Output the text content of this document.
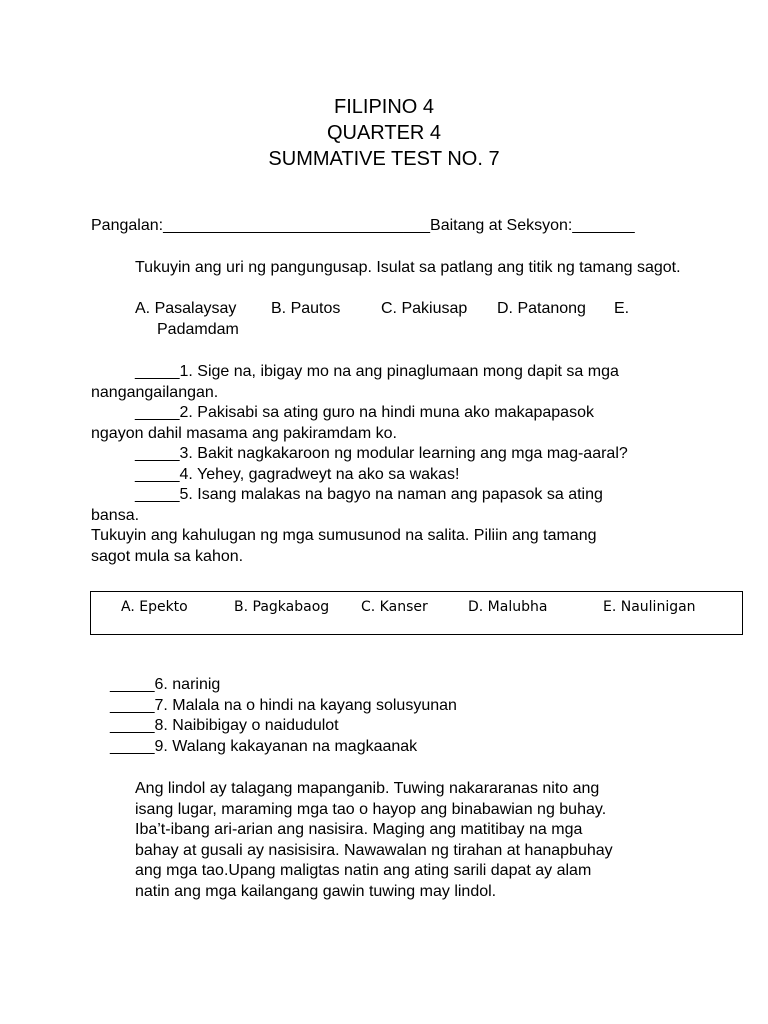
FILIPINO 4
QUARTER 4
SUMMATIVE TEST NO. 7
Pangalan:______________________________Baitang at Seksyon:_______
Tukuyin ang uri ng pangungusap. Isulat sa patlang ang titik ng tamang sagot.
A. Pasalaysay B. Pautos	C. Pakiusap D. Patanong E.
Padamdam
_____1. Sige na, ibigay mo na ang pinaglumaan mong dapit sa mga
nangangailangan.
_____2. Pakisabi sa ating guro na hindi muna ako makapapasok
ngayon dahil masama ang pakiramdam ko.
_____3. Bakit nagkakaroon ng modular learning ang mga mag-aaral?
_____4. Yehey, gagradweyt na ako sa wakas!
_____5. Isang malakas na bagyo na naman ang papasok sa ating
bansa.
Tukuyin ang kahulugan ng mga sumusunod na salita. Piliin ang tamang
sagot mula sa kahon.
A. Epekto	B. Pagkabaog C. Kanser	D. Malubha	E. Naulinigan
_____6. narinig
_____7. Malala na o hindi na kayang solusyunan
_____8. Naibibigay o naidudulot
_____9. Walang kakayanan na magkaanak
Ang lindol ay talagang mapanganib. Tuwing nakararanas nito ang
isang lugar, maraming mga tao o hayop ang binabawian ng buhay.
Iba’t-ibang ari-arian ang nasisira. Maging ang matitibay na mga
bahay at gusali ay nasisisira. Nawawalan ng tirahan at hanapbuhay
ang mga tao.Upang maligtas natin ang ating sarili dapat ay alam
natin ang mga kailangang gawin tuwing may lindol.
